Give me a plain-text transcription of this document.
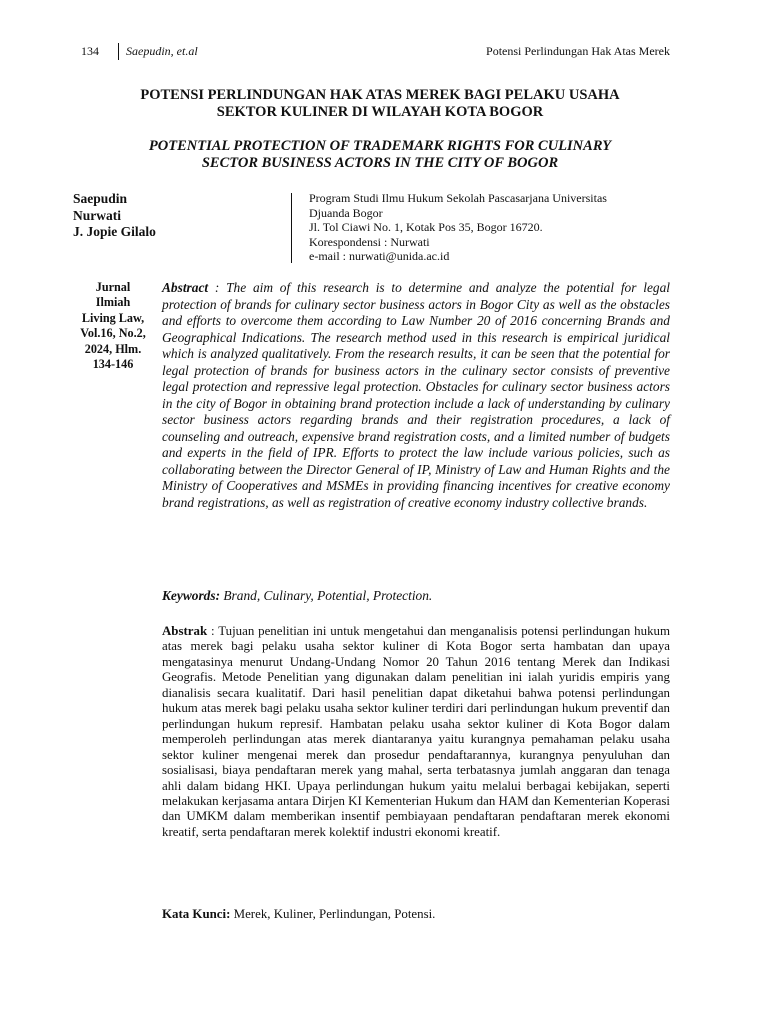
134 Saepudin, et.al	Potensi Perlindungan Hak Atas Merek
POTENSI PERLINDUNGAN HAK ATAS MEREK BAGI PELAKU USAHA
SEKTOR KULINER DI WILAYAH KOTA BOGOR
POTENTIAL PROTECTION OF TRADEMARK RIGHTS FOR CULINARY
SECTOR BUSINESS ACTORS IN THE CITY OF BOGOR
Saepudin
Nurwati
J. Jopie Gilalo
Program Studi Ilmu Hukum Sekolah Pascasarjana Universitas
Djuanda Bogor
Jl. Tol Ciawi No. 1, Kotak Pos 35, Bogor 16720.
Korespondensi : Nurwati
e-mail : nurwati@unida.ac.id
Jurnal
Ilmiah
Living Law,
Vol.16, No.2,
2024, Hlm.
134-146
Abstract : The aim of this research is to determine and analyze the potential for legal protection of brands for culinary sector business actors in Bogor City as well as the obstacles and efforts to overcome them according to Law Number 20 of 2016 concerning Brands and Geographical Indications. The research method used in this research is empirical juridical which is analyzed qualitatively. From the research results, it can be seen that the potential for legal protection of brands for business actors in the culinary sector consists of preventive legal protection and repressive legal protection. Obstacles for culinary sector business actors in the city of Bogor in obtaining brand protection include a lack of understanding by culinary sector business actors regarding brands and their registration procedures, a lack of counseling and outreach, expensive brand registration costs, and a limited number of budgets and experts in the field of IPR. Efforts to protect the law include various policies, such as collaborating between the Director General of IP, Ministry of Law and Human Rights and the Ministry of Cooperatives and MSMEs in providing financing incentives for creative economy brand registrations, as well as registration of creative economy industry collective brands.
Keywords: Brand, Culinary, Potential, Protection.
Abstrak : Tujuan penelitian ini untuk mengetahui dan menganalisis potensi perlindungan hukum atas merek bagi pelaku usaha sektor kuliner di Kota Bogor serta hambatan dan upaya mengatasinya menurut Undang-Undang Nomor 20 Tahun 2016 tentang Merek dan Indikasi Geografis. Metode Penelitian yang digunakan dalam penelitian ini ialah yuridis empiris yang dianalisis secara kualitatif. Dari hasil penelitian dapat diketahui bahwa potensi perlindungan hukum atas merek bagi pelaku usaha sektor kuliner terdiri dari perlindungan hukum preventif dan perlindungan hukum represif. Hambatan pelaku usaha sektor kuliner di Kota Bogor dalam memperoleh perlindungan atas merek diantaranya yaitu kurangnya pemahaman pelaku usaha sektor kuliner mengenai merek dan prosedur pendaftarannya, kurangnya penyuluhan dan sosialisasi, biaya pendaftaran merek yang mahal, serta terbatasnya jumlah anggaran dan tenaga ahli dalam bidang HKI. Upaya perlindungan hukum yaitu melalui berbagai kebijakan, seperti melakukan kerjasama antara Dirjen KI Kementerian Hukum dan HAM dan Kementerian Koperasi dan UMKM dalam memberikan insentif pembiayaan pendaftaran pendaftaran merek ekonomi kreatif, serta pendaftaran merek kolektif industri ekonomi kreatif.
Kata Kunci: Merek, Kuliner, Perlindungan, Potensi.
